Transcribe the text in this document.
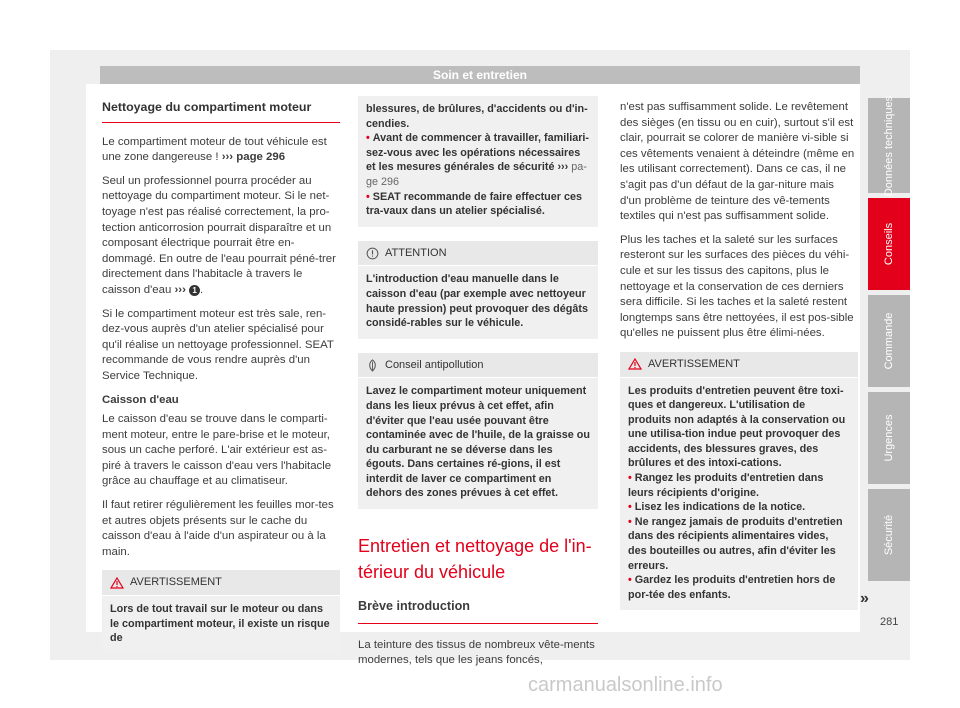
Soin et entretien
Nettoyage du compartiment moteur

Le compartiment moteur de tout véhicule est une zone dangereuse ! ››› page 296

Seul un professionnel pourra procéder au nettoyage du compartiment moteur. Si le net-toyage n'est pas réalisé correctement, la pro-tection anticorrosion pourrait disparaître et un composant électrique pourrait être en-dommagé. En outre de l'eau pourrait péné-trer directement dans l'habitacle à travers le caisson d'eau ››› 1 .

Si le compartiment moteur est très sale, ren-dez-vous auprès d'un atelier spécialisé pour qu'il réalise un nettoyage professionnel. SEAT recommande de vous rendre auprès d'un Service Technique.

Caisson d'eau

Le caisson d'eau se trouve dans le comparti-ment moteur, entre le pare-brise et le moteur, sous un cache perforé. L'air extérieur est as-piré à travers le caisson d'eau vers l'habitacle grâce au chauffage et au climatiseur.

Il faut retirer régulièrement les feuilles mor-tes et autres objets présents sur le cache du caisson d'eau à l'aide d'un aspirateur ou à la main.

AVERTISSEMENT
Lors de tout travail sur le moteur ou dans le compartiment moteur, il existe un risque de
blessures, de brûlures, d'accidents ou d'in-cendies.
• Avant de commencer à travailler, familiari-sez-vous avec les opérations nécessaires et les mesures générales de sécurité ››› pa-ge 296
• SEAT recommande de faire effectuer ces tra-vaux dans un atelier spécialisé.
ATTENTION
L'introduction d'eau manuelle dans le caisson d'eau (par exemple avec nettoyeur haute pression) peut provoquer des dégâts considé-rables sur le véhicule.
Conseil antipollution
Lavez le compartiment moteur uniquement dans les lieux prévus à cet effet, afin d'éviter que l'eau usée pouvant être contaminée avec de l'huile, de la graisse ou du carburant ne se déverse dans les égouts. Dans certaines ré-gions, il est interdit de laver ce compartiment en dehors des zones prévues à cet effet.

Entretien et nettoyage de l'in-térieur du véhicule

Brève introduction

La teinture des tissus de nombreux vête-ments modernes, tels que les jeans foncés,

n'est pas suffisamment solide. Le revêtement des sièges (en tissu ou en cuir), surtout s'il est clair, pourrait se colorer de manière vi-sible si ces vêtements venaient à déteindre (même en les utilisant correctement). Dans ce cas, il ne s'agit pas d'un défaut de la gar-niture mais d'un problème de teinture des vê-tements textiles qui n'est pas suffisamment solide.

Plus les taches et la saleté sur les surfaces resteront sur les surfaces des pièces du véhi-cule et sur les tissus des capitons, plus le nettoyage et la conservation de ces derniers sera difficile. Si les taches et la saleté restent longtemps sans être nettoyées, il est pos-sible qu'elles ne puissent plus être élimi-nées.

AVERTISSEMENT
Les produits d'entretien peuvent être toxi-ques et dangereux. L'utilisation de produits non adaptés à la conservation ou une utilisa-tion indue peut provoquer des accidents, des blessures graves, des brûlures et des intoxi-cations.
• Rangez les produits d'entretien dans leurs récipients d'origine.
• Lisez les indications de la notice.
• Ne rangez jamais de produits d'entretien dans des récipients alimentaires vides, des bouteilles ou autres, afin d'éviter les erreurs.
• Gardez les produits d'entretien hors de por-tée des enfants.
Données techniques
Conseils
Commande
Urgences
Sécurité
»
281
carmanualsonline.info
